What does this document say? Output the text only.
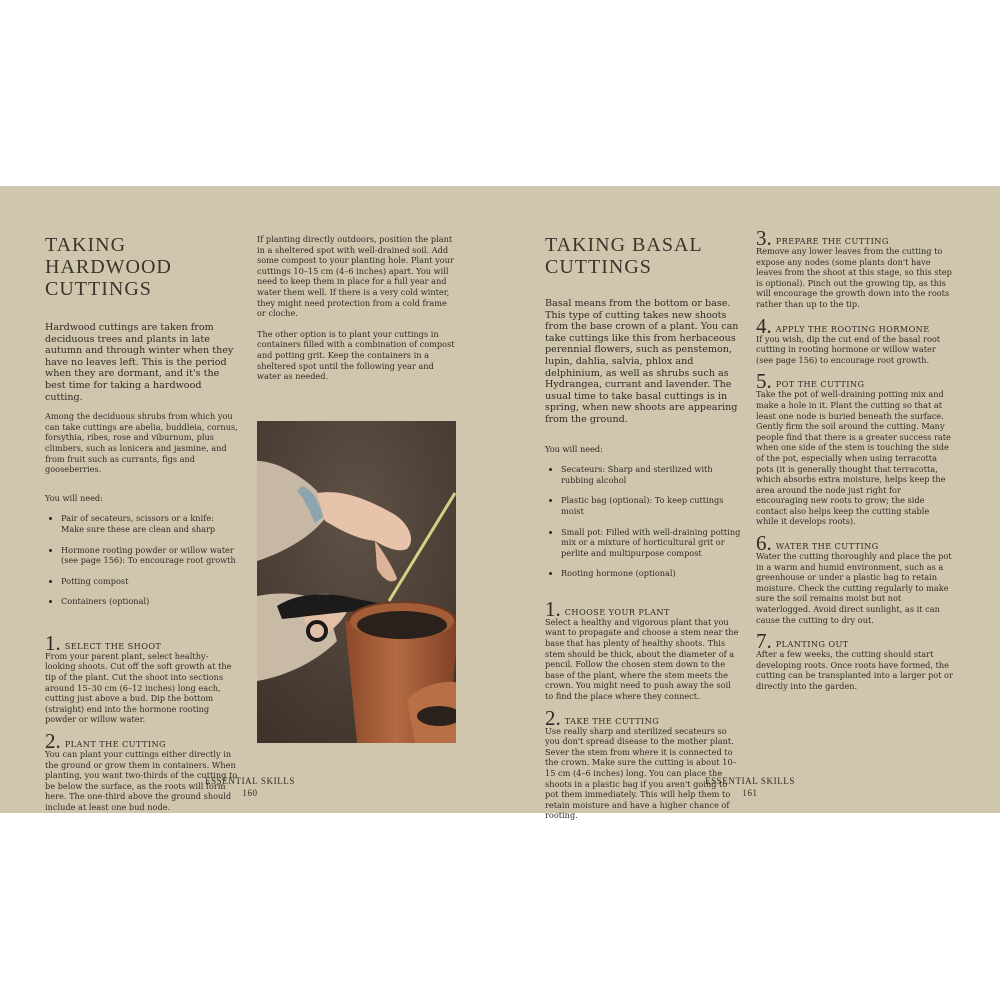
TAKING
HARDWOOD
CUTTINGS

Hardwood cuttings are taken from deciduous trees and plants in late autumn and through winter when they have no leaves left. This is the period when they are dormant, and it's the best time for taking a hardwood cutting.

Among the deciduous shrubs from which you can take cuttings are abelia, buddleia, cornus, forsythia, ribes, rose and viburnum, plus climbers, such as lonicera and jasmine, and from fruit such as currants, figs and gooseberries.

You will need:

• Pair of secateurs, scissors or a knife: Make sure these are clean and sharp
• Hormone rooting powder or willow water (see page 156): To encourage root growth
• Potting compost
• Containers (optional)
1. SELECT THE SHOOT

From your parent plant, select healthy-looking shoots. Cut off the soft growth at the tip of the plant. Cut the shoot into sections around 15–30 cm (6–12 inches) long each, cutting just above a bud. Dip the bottom (straight) end into the hormone rooting powder or willow water.

2. PLANT THE CUTTING

You can plant your cuttings either directly in the ground or grow them in containers. When planting, you want two-thirds of the cutting to be below the surface, as the roots will form here. The one-third above the ground should include at least one bud node.

If planting directly outdoors, position the plant in a sheltered spot with well-drained soil. Add some compost to your planting hole. Plant your cuttings 10–15 cm (4–6 inches) apart. You will need to keep them in place for a full year and water them well. If there is a very cold winter, they might need protection from a cold frame or cloche.

The other option is to plant your cuttings in containers filled with a combination of compost and potting grit. Keep the containers in a sheltered spot until the following year and water as needed.

ESSENTIAL SKILLS
160
TAKING BASAL
CUTTINGS

Basal means from the bottom or base. This type of cutting takes new shoots from the base crown of a plant. You can take cuttings like this from herbaceous perennial flowers, such as penstemon, lupin, dahlia, salvia, phlox and delphinium, as well as shrubs such as Hydrangea, currant and lavender. The usual time to take basal cuttings is in spring, when new shoots are appearing from the ground.

You will need:

• Secateurs: Sharp and sterilized with rubbing alcohol
• Plastic bag (optional): To keep cuttings moist
• Small pot: Filled with well-draining potting mix or a mixture of horticultural grit or perlite and multipurpose compost
• Rooting hormone (optional)
1. CHOOSE YOUR PLANT

Select a healthy and vigorous plant that you want to propagate and choose a stem near the base that has plenty of healthy shoots. This stem should be thick, about the diameter of a pencil. Follow the chosen stem down to the base of the plant, where the stem meets the crown. You might need to push away the soil to find the place where they connect.

2. TAKE THE CUTTING

Use really sharp and sterilized secateurs so you don't spread disease to the mother plant. Sever the stem from where it is connected to the crown. Make sure the cutting is about 10–15 cm (4–6 inches) long. You can place the shoots in a plastic bag if you aren't going to pot them immediately. This will help them to retain moisture and have a higher chance of rooting.

3. PREPARE THE CUTTING

Remove any lower leaves from the cutting to expose any nodes (some plants don't have leaves from the shoot at this stage, so this step is optional). Pinch out the growing tip, as this will encourage the growth down into the roots rather than up to the tip.

4. APPLY THE ROOTING HORMONE

If you wish, dip the cut end of the basal root cutting in rooting hormone or willow water (see page 156) to encourage root growth.

5. POT THE CUTTING

Take the pot of well-draining potting mix and make a hole in it. Plant the cutting so that at least one node is buried beneath the surface. Gently firm the soil around the cutting. Many people find that there is a greater success rate when one side of the stem is touching the side of the pot, especially when using terracotta pots (it is generally thought that terracotta, which absorbs extra moisture, helps keep the area around the node just right for encouraging new roots to grow; the side contact also helps keep the cutting stable while it develops roots).

6. WATER THE CUTTING

Water the cutting thoroughly and place the pot in a warm and humid environment, such as a greenhouse or under a plastic bag to retain moisture. Check the cutting regularly to make sure the soil remains moist but not waterlogged. Avoid direct sunlight, as it can cause the cutting to dry out.

7. PLANTING OUT

After a few weeks, the cutting should start developing roots. Once roots have formed, the cutting can be transplanted into a larger pot or directly into the garden.

ESSENTIAL SKILLS
161
